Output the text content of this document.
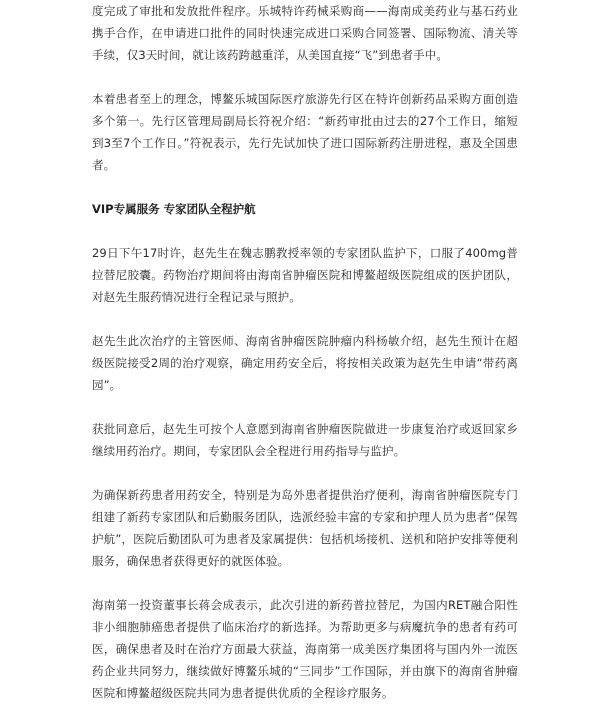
度完成了审批和发放批件程序。乐城特许药械采购商——海南成美药业与基石药业携手合作，在申请进口批件的同时快速完成进口采购合同签署、国际物流、清关等手续，仅3天时间，就让该药跨越重洋，从美国直接“飞”到患者手中。

本着患者至上的理念，博鳌乐城国际医疗旅游先行区在特许创新药品采购方面创造多个第一。先行区管理局副局长符祝介绍：“新药审批由过去的27个工作日，缩短到3至7个工作日。”符祝表示，先行先试加快了进口国际新药注册进程，惠及全国患者。

VIP专属服务 专家团队全程护航

29日下午17时许，赵先生在魏志鹏教授率领的专家团队监护下，口服了400mg普拉替尼胶囊。药物治疗期间将由海南省肿瘤医院和博鳌超级医院组成的医护团队，对赵先生服药情况进行全程记录与照护。

赵先生此次治疗的主管医师、海南省肿瘤医院肿瘤内科杨敏介绍，赵先生预计在超级医院接受2周的治疗观察，确定用药安全后，将按相关政策为赵先生申请“带药离园”。

获批同意后，赵先生可按个人意愿到海南省肿瘤医院做进一步康复治疗或返回家乡继续用药治疗。期间，专家团队会全程进行用药指导与监护。

为确保新药患者用药安全，特别是为岛外患者提供治疗便利，海南省肿瘤医院专门组建了新药专家团队和后勤服务团队，选派经验丰富的专家和护理人员为患者“保驾护航”，医院后勤团队可为患者及家属提供：包括机场接机、送机和陪护安排等便利服务，确保患者获得更好的就医体验。

海南第一投资董事长蒋会成表示，此次引进的新药普拉替尼，为国内RET融合阳性非小细胞肺癌患者提供了临床治疗的新选择。为帮助更多与病魔抗争的患者有药可医，确保患者及时在治疗方面最大获益，海南第一成美医疗集团将与国内外一流医药企业共同努力，继续做好博鳌乐城的“三同步”工作国际，并由旗下的海南省肿瘤医院和博鳌超级医院共同为患者提供优质的全程诊疗服务。
